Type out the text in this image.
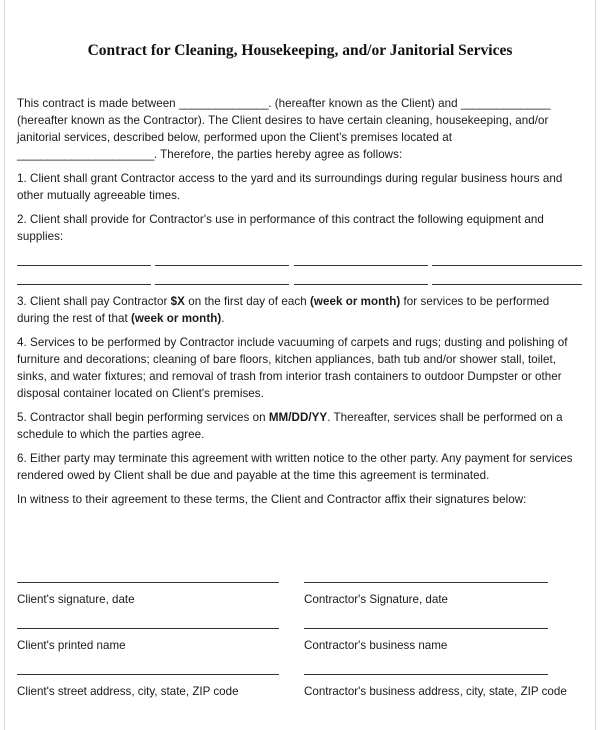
Contract for Cleaning, Housekeeping, and/or Janitorial Services

This contract is made between _______________. (hereafter known as the Client) and _______________ (hereafter known as the Contractor). The Client desires to have certain cleaning, housekeeping, and/or janitorial services, described below, performed upon the Client's premises located at _______________________. Therefore, the parties hereby agree as follows:

1. Client shall grant Contractor access to the yard and its surroundings during regular business hours and other mutually agreeable times.

2. Client shall provide for Contractor's use in performance of this contract the following equipment and supplies:

3. Client shall pay Contractor $X on the first day of each (week or month) for services to be performed during the rest of that (week or month).

4. Services to be performed by Contractor include vacuuming of carpets and rugs; dusting and polishing of furniture and decorations; cleaning of bare floors, kitchen appliances, bath tub and/or shower stall, toilet, sinks, and water fixtures; and removal of trash from interior trash containers to outdoor Dumpster or other disposal container located on Client's premises.

5. Contractor shall begin performing services on MM/DD/YY. Thereafter, services shall be performed on a schedule to which the parties agree.

6. Either party may terminate this agreement with written notice to the other party. Any payment for services rendered owed by Client shall be due and payable at the time this agreement is terminated.

In witness to their agreement to these terms, the Client and Contractor affix their signatures below:

Client's signature, date	Contractor's Signature, date
Client's printed name	Contractor's business name
Client's street address, city, state, ZIP code	Contractor's business address, city, state, ZIP code
